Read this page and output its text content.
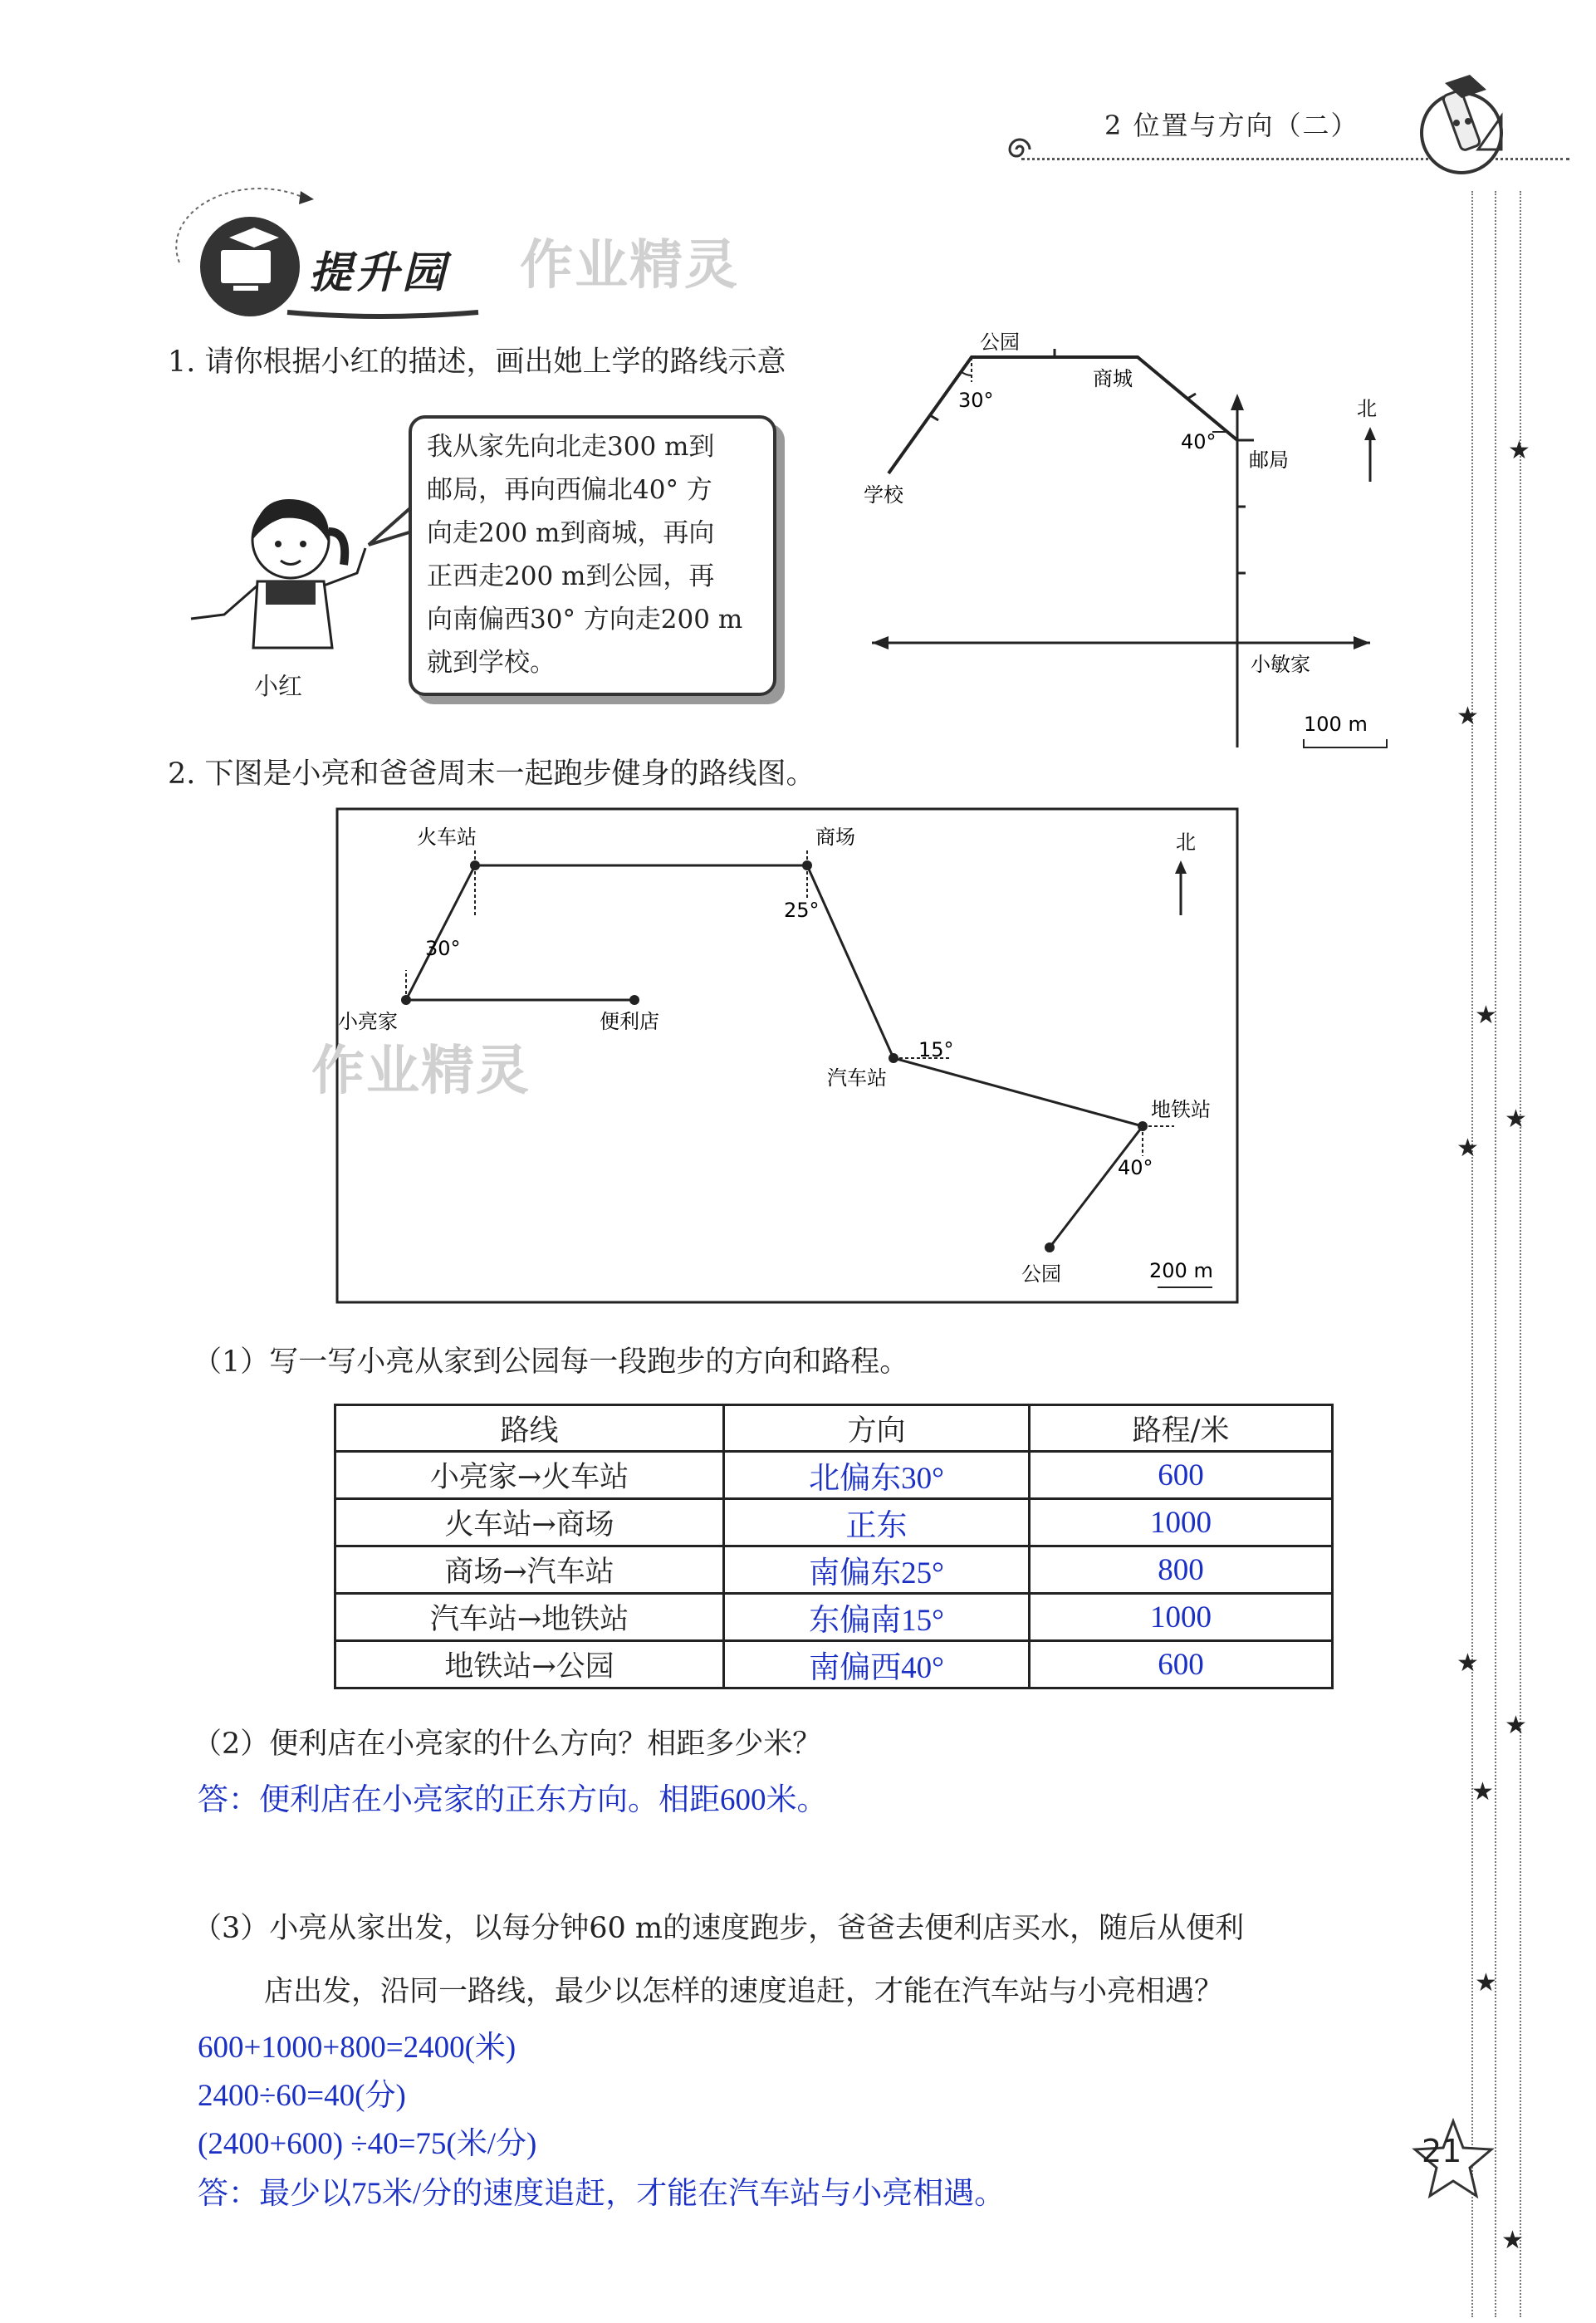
2 位置与方向（二）
★
★
★
★
★
★
★
★
★
★
21
提升园 作业精灵
1. 请你根据小红的描述，画出她上学的路线示意
小红
我从家先向北走300 m到
邮局，再向西偏北40° 方
向走200 m到商城，再向
正西走200 m到公园，再
向南偏西30° 方向走200 m
就到学校。
公园
商城
邮局
学校
小敏家
北
30°
40°
100 m
2. 下图是小亮和爸爸周末一起跑步健身的路线图。
火车站	商场
小亮家	便利店
汽车站
地铁站
公园
30°
25°
15°
40°
北
200 m
作业精灵
（1）写一写小亮从家到公园每一段跑步的方向和路程。
路线	方向	路程/米
小亮家→火车站	北偏东30°	600
火车站→商场	正东	1000
商场→汽车站	南偏东25°	800
汽车站→地铁站	东偏南15°	1000
地铁站→公园	南偏西40°	600
（2）便利店在小亮家的什么方向？相距多少米？
答：便利店在小亮家的正东方向。相距600米。
（3）小亮从家出发，以每分钟60 m的速度跑步，爸爸去便利店买水，随后从便利
店出发，沿同一路线，最少以怎样的速度追赶，才能在汽车站与小亮相遇？
600+1000+800=2400(米)
2400÷60=40(分)
(2400+600) ÷40=75(米/分)
答：最少以75米/分的速度追赶，才能在汽车站与小亮相遇。
